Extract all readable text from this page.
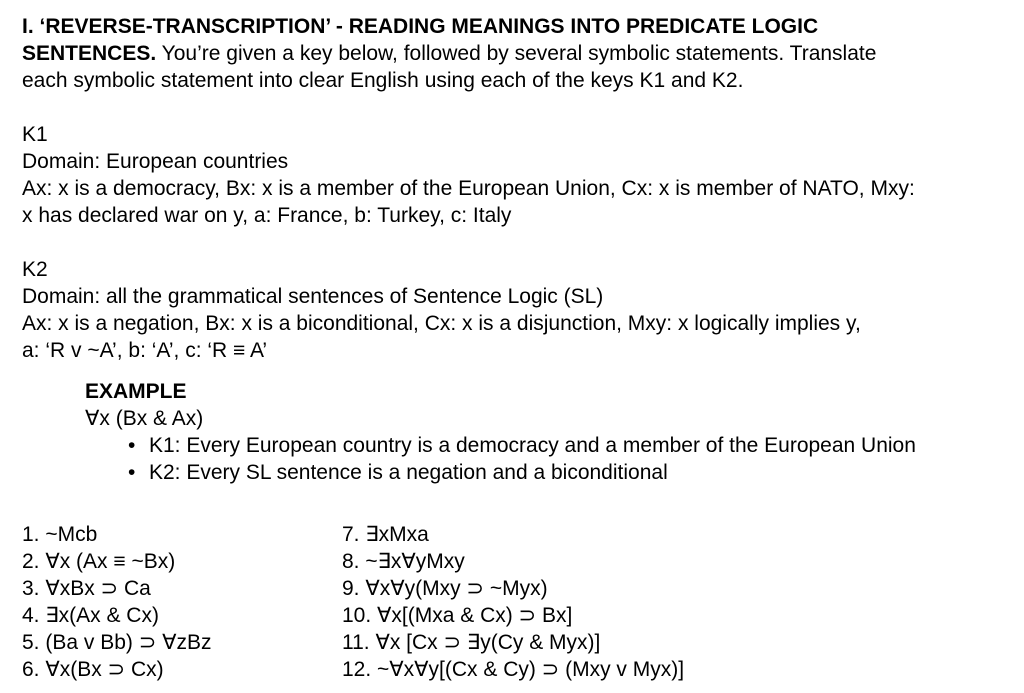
I. ‘REVERSE-TRANSCRIPTION’ - READING MEANINGS INTO PREDICATE LOGIC
SENTENCES. You’re given a key below, followed by several symbolic statements. Translate
each symbolic statement into clear English using each of the keys K1 and K2.
K1
Domain: European countries
Ax: x is a democracy, Bx: x is a member of the European Union, Cx: x is member of NATO, Mxy:
x has declared war on y, a: France, b: Turkey, c: Italy
K2
Domain: all the grammatical sentences of Sentence Logic (SL)
Ax: x is a negation, Bx: x is a biconditional, Cx: x is a disjunction, Mxy: x logically implies y,
a: ‘R v ~A’, b: ‘A’, c: ‘R ≡ A’
EXAMPLE
∀x (Bx & Ax)
• K1: Every European country is a democracy and a member of the European Union
• K2: Every SL sentence is a negation and a biconditional
1. ~Mcb	7. ∃xMxa
2. ∀x (Ax ≡ ~Bx)	8. ~∃x∀yMxy
3. ∀xBx ⊃ Ca	9. ∀x∀y(Mxy ⊃ ~Myx)
4. ∃x(Ax & Cx)	10. ∀x[(Mxa & Cx) ⊃ Bx]
5. (Ba v Bb) ⊃ ∀zBz	11. ∀x [Cx ⊃ ∃y(Cy & Myx)]
6. ∀x(Bx ⊃ Cx)	12. ~∀x∀y[(Cx & Cy) ⊃ (Mxy v Myx)]
